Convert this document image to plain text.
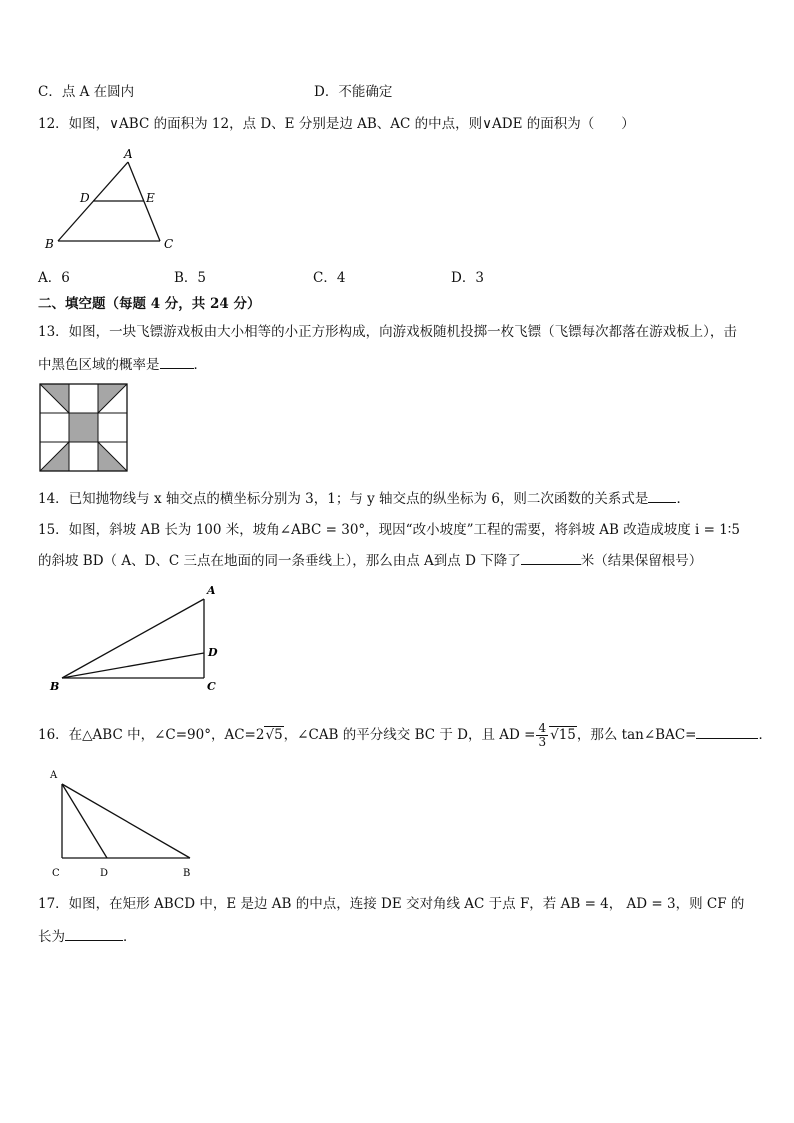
C．点 A 在圆内	D．不能确定
12．如图，∨ABC 的面积为 12，点 D、E 分别是边 AB、AC 的中点，则∨ADE 的面积为（　　）
A
D	E
B	C
A．6	B．5	C．4	D．3
二、填空题（每题 4 分，共 24 分）
13．如图，一块飞镖游戏板由大小相等的小正方形构成，向游戏板随机投掷一枚飞镖（飞镖每次都落在游戏板上），击
中黑色区域的概率是	．
14．已知抛物线与 x 轴交点的横坐标分别为 3，1；与 y 轴交点的纵坐标为 6，则二次函数的关系式是 ．
15．如图，斜坡 AB 长为 100 米，坡角∠ABC = 30°，现因“改小坡度”工程的需要，将斜坡 AB 改造成坡度 i = 1∶5
的斜坡 BD（ A、D、C 三点在地面的同一条垂线上），那么由点 A到点 D 下降了	米（结果保留根号）
A
D
B	C
16．在△ABC 中，∠C=90°，AC=2√5，∠CAB 的平分线交 BC 于 D，且 AD = $\frac{4}{3} √15$，那么 tan∠BAC=	．
A
C	D	B
17．如图，在矩形 ABCD 中，E 是边 AB 的中点，连接 DE 交对角线 AC 于点 F，若 AB = 4， AD = 3，则 CF 的
长为	．
